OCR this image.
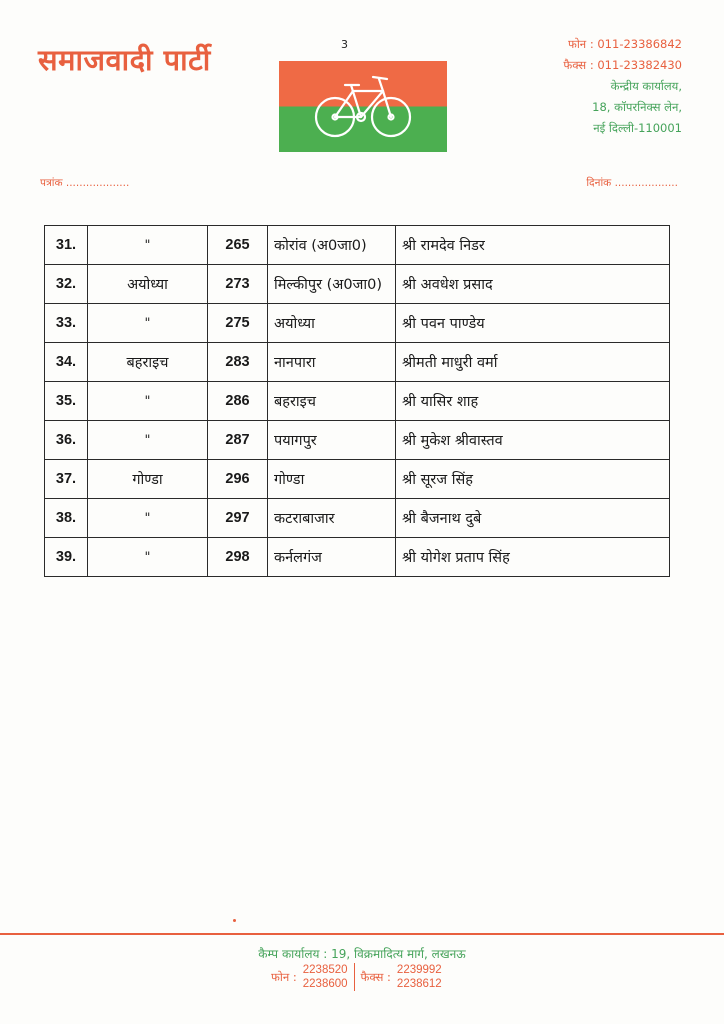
समाजवादी पार्टी	3	फोन : 011-23386842
फैक्स : 011-23382430
केन्द्रीय कार्यालय,
18, कॉपरनिक्स लेन,
नई दिल्ली-110001
पत्रांक ...................	दिनांक ...................
31.	"	265	कोरांव (अ0जा0)	श्री रामदेव निडर
32.	अयोध्या	273	मिल्कीपुर (अ0जा0)	श्री अवधेश प्रसाद
33.	"	275	अयोध्या	श्री पवन पाण्डेय
34.	बहराइच	283	नानपारा	श्रीमती माधुरी वर्मा
35.	"	286	बहराइच	श्री यासिर शाह
36.	"	287	पयागपुर	श्री मुकेश श्रीवास्तव
37.	गोण्डा	296	गोण्डा	श्री सूरज सिंह
38.	"	297	कटराबाजार	श्री बैजनाथ दुबे
39.	"	298	कर्नलगंज	श्री योगेश प्रताप सिंह
कैम्प कार्यालय : 19, विक्रमादित्य मार्ग, लखनऊ
फोन : 2238520
2238600
फैक्स : 2239992
2238612
